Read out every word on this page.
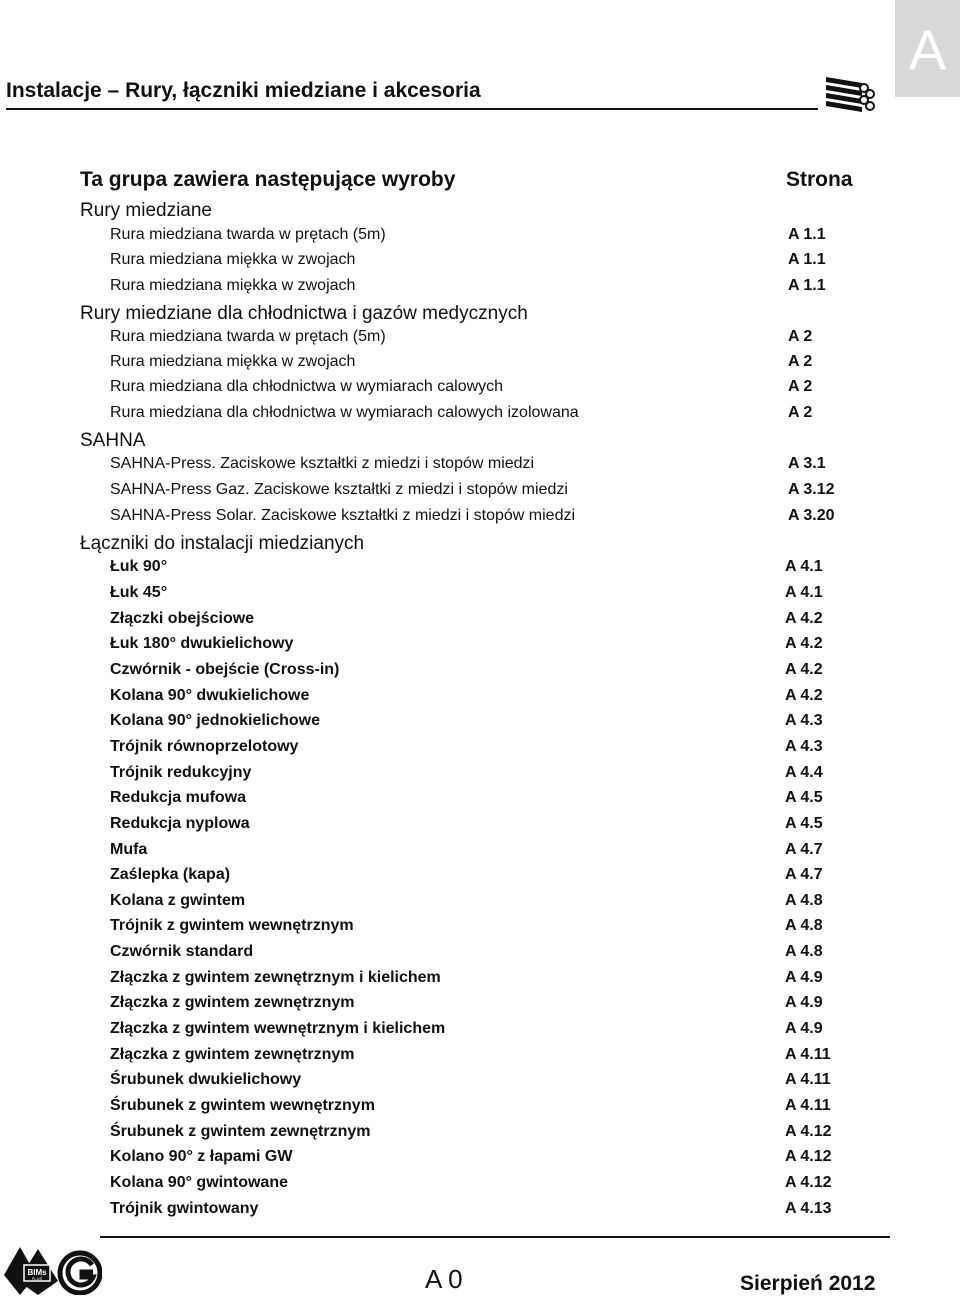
A
Instalacje – Rury, łączniki miedziane i akcesoria
Ta grupa zawiera następujące wyroby	Strona
Rury miedziane
Rura miedziana twarda w prętach (5m)	A 1.1
Rura miedziana miękka w zwojach	A 1.1
Rura miedziana miękka w zwojach	A 1.1
Rury miedziane dla chłodnictwa i gazów medycznych
Rura miedziana twarda w prętach (5m)	A 2
Rura miedziana miękka w zwojach	A 2
Rura miedziana dla chłodnictwa w wymiarach calowych	A 2
Rura miedziana dla chłodnictwa w wymiarach calowych izolowana	A 2
SAHNA
SAHNA-Press. Zaciskowe kształtki z miedzi i stopów miedzi	A 3.1
SAHNA-Press Gaz. Zaciskowe kształtki z miedzi i stopów miedzi	A 3.12
SAHNA-Press Solar. Zaciskowe kształtki z miedzi i stopów miedzi	A 3.20
Łączniki do instalacji miedzianych
Łuk 90°	A 4.1
Łuk 45°	A 4.1
Złączki obejściowe	A 4.2
Łuk 180° dwukielichowy	A 4.2
Czwórnik - obejście (Cross-in)	A 4.2
Kolana 90° dwukielichowe	A 4.2
Kolana 90° jednokielichowe	A 4.3
Trójnik równoprzelotowy	A 4.3
Trójnik redukcyjny	A 4.4
Redukcja mufowa	A 4.5
Redukcja nyplowa	A 4.5
Mufa	A 4.7
Zaślepka (kapa)	A 4.7
Kolana z gwintem	A 4.8
Trójnik z gwintem wewnętrznym	A 4.8
Czwórnik standard	A 4.8
Złączka z gwintem zewnętrznym i kielichem	A 4.9
Złączka z gwintem zewnętrznym	A 4.9
Złączka z gwintem wewnętrznym i kielichem	A 4.9
Złączka z gwintem zewnętrznym	A 4.11
Śrubunek dwukielichowy	A 4.11
Śrubunek z gwintem wewnętrznym	A 4.11
Śrubunek z gwintem zewnętrznym	A 4.12
Kolano 90° z łapami GW	A 4.12
Kolana 90° gwintowane	A 4.12
Trójnik gwintowany	A 4.13
BIMs
PLUS	A 0	Sierpień 2012
